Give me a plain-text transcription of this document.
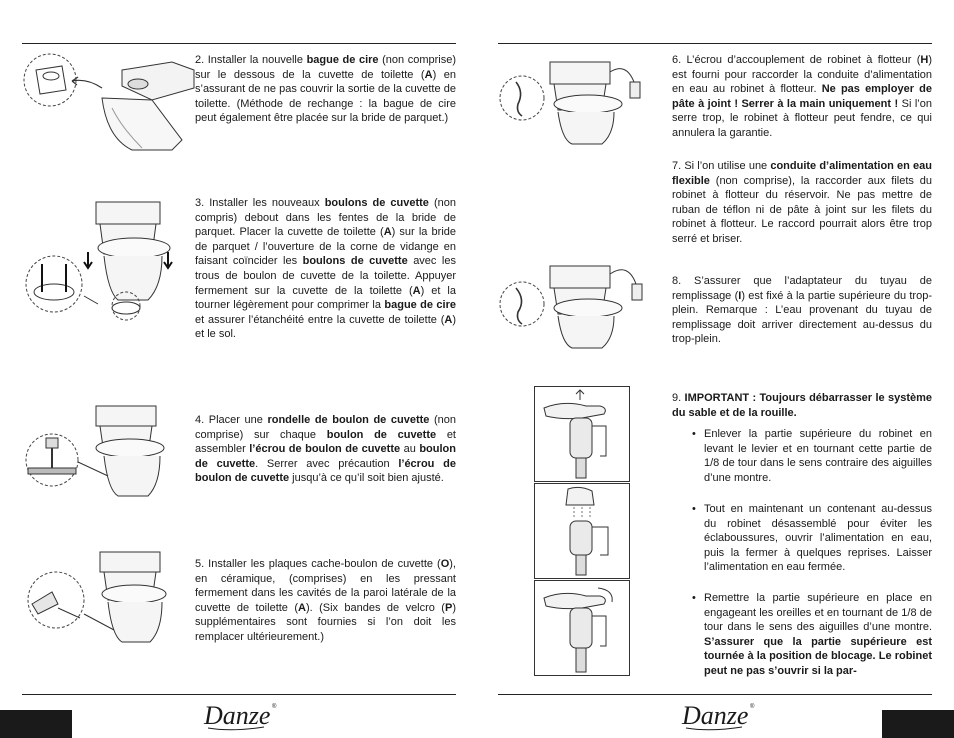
2. Installer la nouvelle bague de cire (non comprise) sur le dessous de la cuvette de toilette (A) en s’assurant de ne pas couvrir la sortie de la cuvette de toilette. (Méthode de rechange : la bague de cire peut également être placée sur la bride de parquet.)
3. Installer les nouveaux boulons de cuvette (non compris) debout dans les fentes de la bride de parquet. Placer la cuvette de toilette (A) sur la bride de parquet / l’ouverture de la corne de vidange en faisant coïncider les boulons de cuvette avec les trous de boulon de cuvette de la toilette. Appuyer fermement sur la cuvette de la toilette (A) et la tourner légèrement pour comprimer la bague de cire et assurer l’étanchéité entre la cuvette de toilette (A) et le sol.
4. Placer une rondelle de boulon de cuvette (non comprise) sur chaque boulon de cuvette et assembler l’écrou de boulon de cuvette au boulon de cuvette. Serrer avec précaution l’écrou de boulon de cuvette jusqu’à ce qu’il soit bien ajusté.
5. Installer les plaques cache-boulon de cuvette (O), en céramique, (comprises) en les pressant fermement dans les cavités de la paroi latérale de la cuvette de toilette (A). (Six bandes de velcro (P) supplémentaires sont fournies si l’on doit les remplacer ultérieurement.)
6. L’écrou d’accouplement de robinet à flotteur (H) est fourni pour raccorder la conduite d’alimentation en eau au robinet à flotteur. Ne pas employer de pâte à joint ! Serrer à la main uniquement ! Si l’on serre trop, le robinet à flotteur peut fendre, ce qui annulera la garantie.
7. Si l’on utilise une conduite d’alimentation en eau flexible (non comprise), la raccorder aux filets du robinet à flotteur du réservoir. Ne pas mettre de ruban de téflon ni de pâte à joint sur les filets du robinet à flotteur. Le raccord pourrait alors être trop serré et briser.
8. S’assurer que l’adaptateur du tuyau de remplissage (I) est fixé à la partie supérieure du trop-plein. Remarque : L’eau provenant du tuyau de remplissage doit arriver directement au-dessus du trop-plein.
9. IMPORTANT : Toujours débarrasser le système du sable et de la rouille.
• Enlever la partie supérieure du robinet en levant le levier et en tournant cette partie de 1/8 de tour dans le sens contraire des aiguilles d’une montre.
• Tout en maintenant un contenant au-dessus du robinet désassemblé pour éviter les éclaboussures, ouvrir l’alimentation en eau, puis la fermer à quelques reprises. Laisser l’alimentation en eau fermée.
• Remettre la partie supérieure en place en engageant les oreilles et en tournant de 1/8 de tour dans le sens des aiguilles d’une montre. S’assurer que la partie supérieure est tournée à la position de blocage. Le robinet peut ne pas s’ouvrir si la par-
Danze ®	Danze ®
